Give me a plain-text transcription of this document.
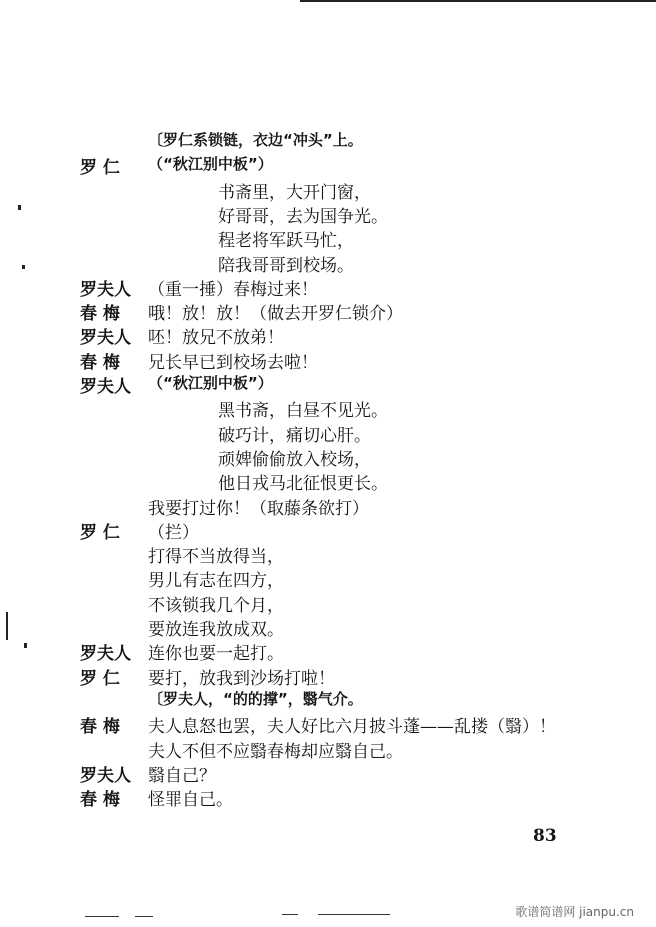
〔罗仁系锁链，衣边“冲头”上。
罗 仁	（“秋江别中板”）
书斋里，大开门窗，
好哥哥，去为国争光。
程老将军跃马忙，
陪我哥哥到校场。
罗夫人 （重一捶）春梅过来！
春 梅	哦！放！放！（做去开罗仁锁介）
罗夫人 呸！放兄不放弟！
春 梅	兄长早已到校场去啦！
罗夫人 （“秋江别中板”）
黑书斋，白昼不见光。
破巧计，痛切心肝。
顽婢偷偷放入校场，
他日戎马北征恨更长。
我要打过你！（取藤条欲打）
罗 仁	（拦）
打得不当放得当，
男儿有志在四方，
不该锁我几个月，
要放连我放成双。
罗夫人 连你也要一起打。
罗 仁	要打，放我到沙场打啦！
〔罗夫人，“的的撑”，翳气介。
春 梅	夫人息怒也罢，夫人好比六月披斗蓬——乱搂（翳）！
夫人不但不应翳春梅却应翳自己。
罗夫人 翳自己？
春 梅	怪罪自己。
83
歌谱简谱网 jianpu.cn
